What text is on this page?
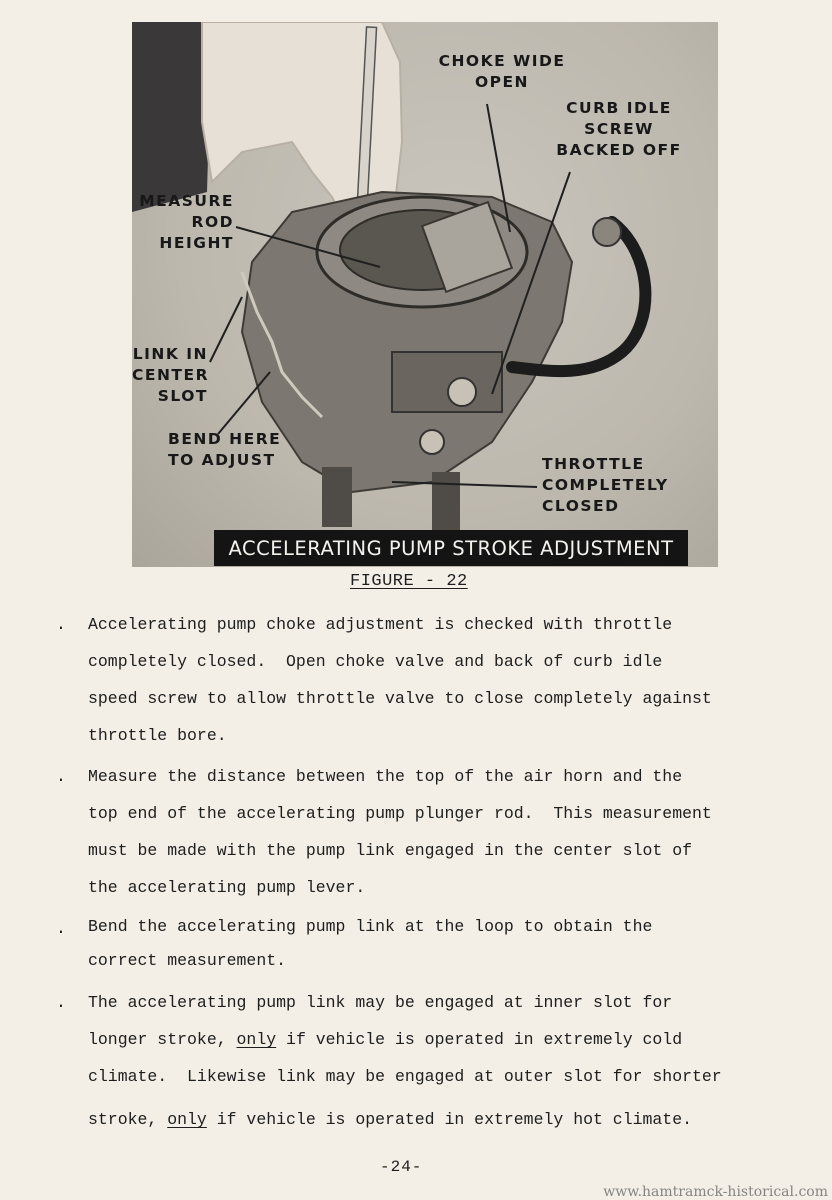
CHOKE WIDE
OPEN
CURB IDLE
SCREW
BACKED OFF
MEASURE
ROD
HEIGHT
LINK IN
CENTER
SLOT
BEND HERE
TO ADJUST	THROTTLE
COMPLETELY
CLOSED
ACCELERATING PUMP STROKE ADJUSTMENT
FIGURE - 22
. Accelerating pump choke adjustment is checked with throttle
completely closed.  Open choke valve and back of curb idle
speed screw to allow throttle valve to close completely against
throttle bore.
. Measure the distance between the top of the air horn and the
top end of the accelerating pump plunger rod.  This measurement
must be made with the pump link engaged in the center slot of
the accelerating pump lever.
. Bend the accelerating pump link at the loop to obtain the
correct measurement.
. The accelerating pump link may be engaged at inner slot for
longer stroke, only if vehicle is operated in extremely cold
climate.  Likewise link may be engaged at outer slot for shorter
stroke, only if vehicle is operated in extremely hot climate.
-24-
www.hamtramck-historical.com
